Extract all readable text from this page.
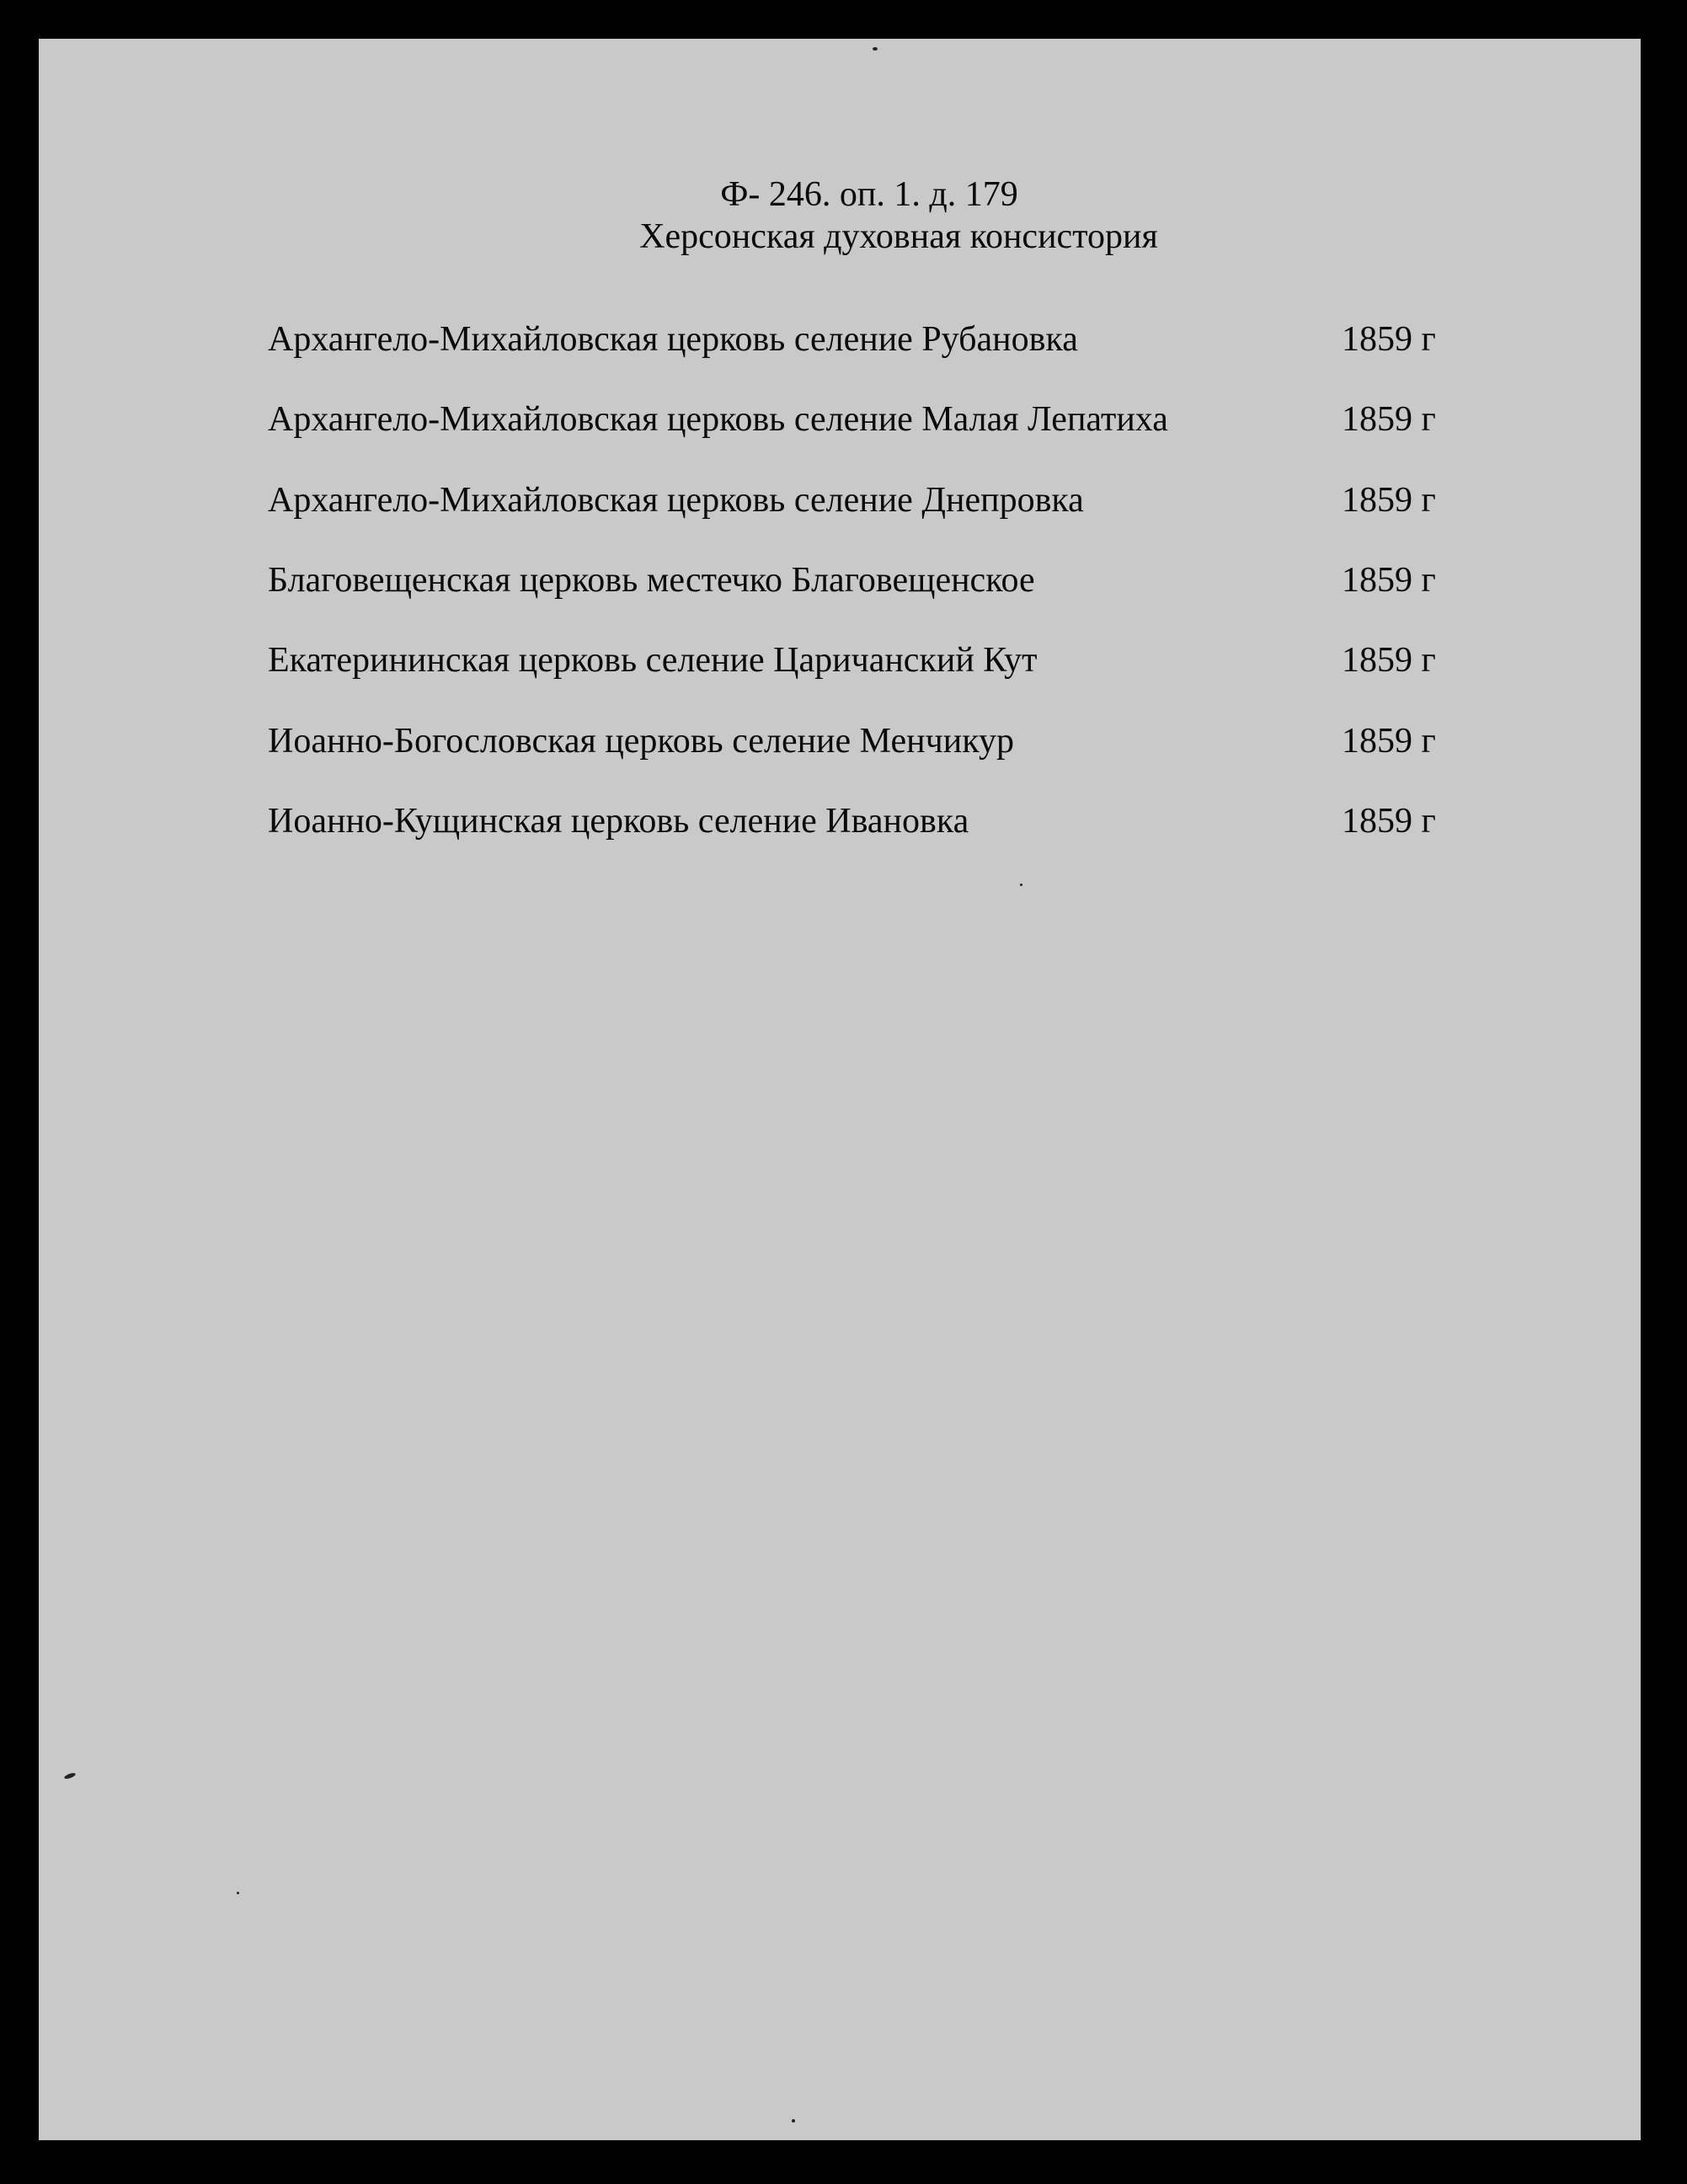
Ф- 246. оп. 1. д. 179
Херсонская духовная консистория
Архангело-Михайловская церковь селение Рубановка	1859 г
Архангело-Михайловская церковь селение Малая Лепатиха	1859 г
Архангело-Михайловская церковь селение Днепровка	1859 г
Благовещенская церковь местечко Благовещенское	1859 г
Екатерининская церковь селение Царичанский Кут	1859 г
Иоанно-Богословская церковь селение Менчикур	1859 г
Иоанно-Кущинская церковь селение Ивановка	1859 г
